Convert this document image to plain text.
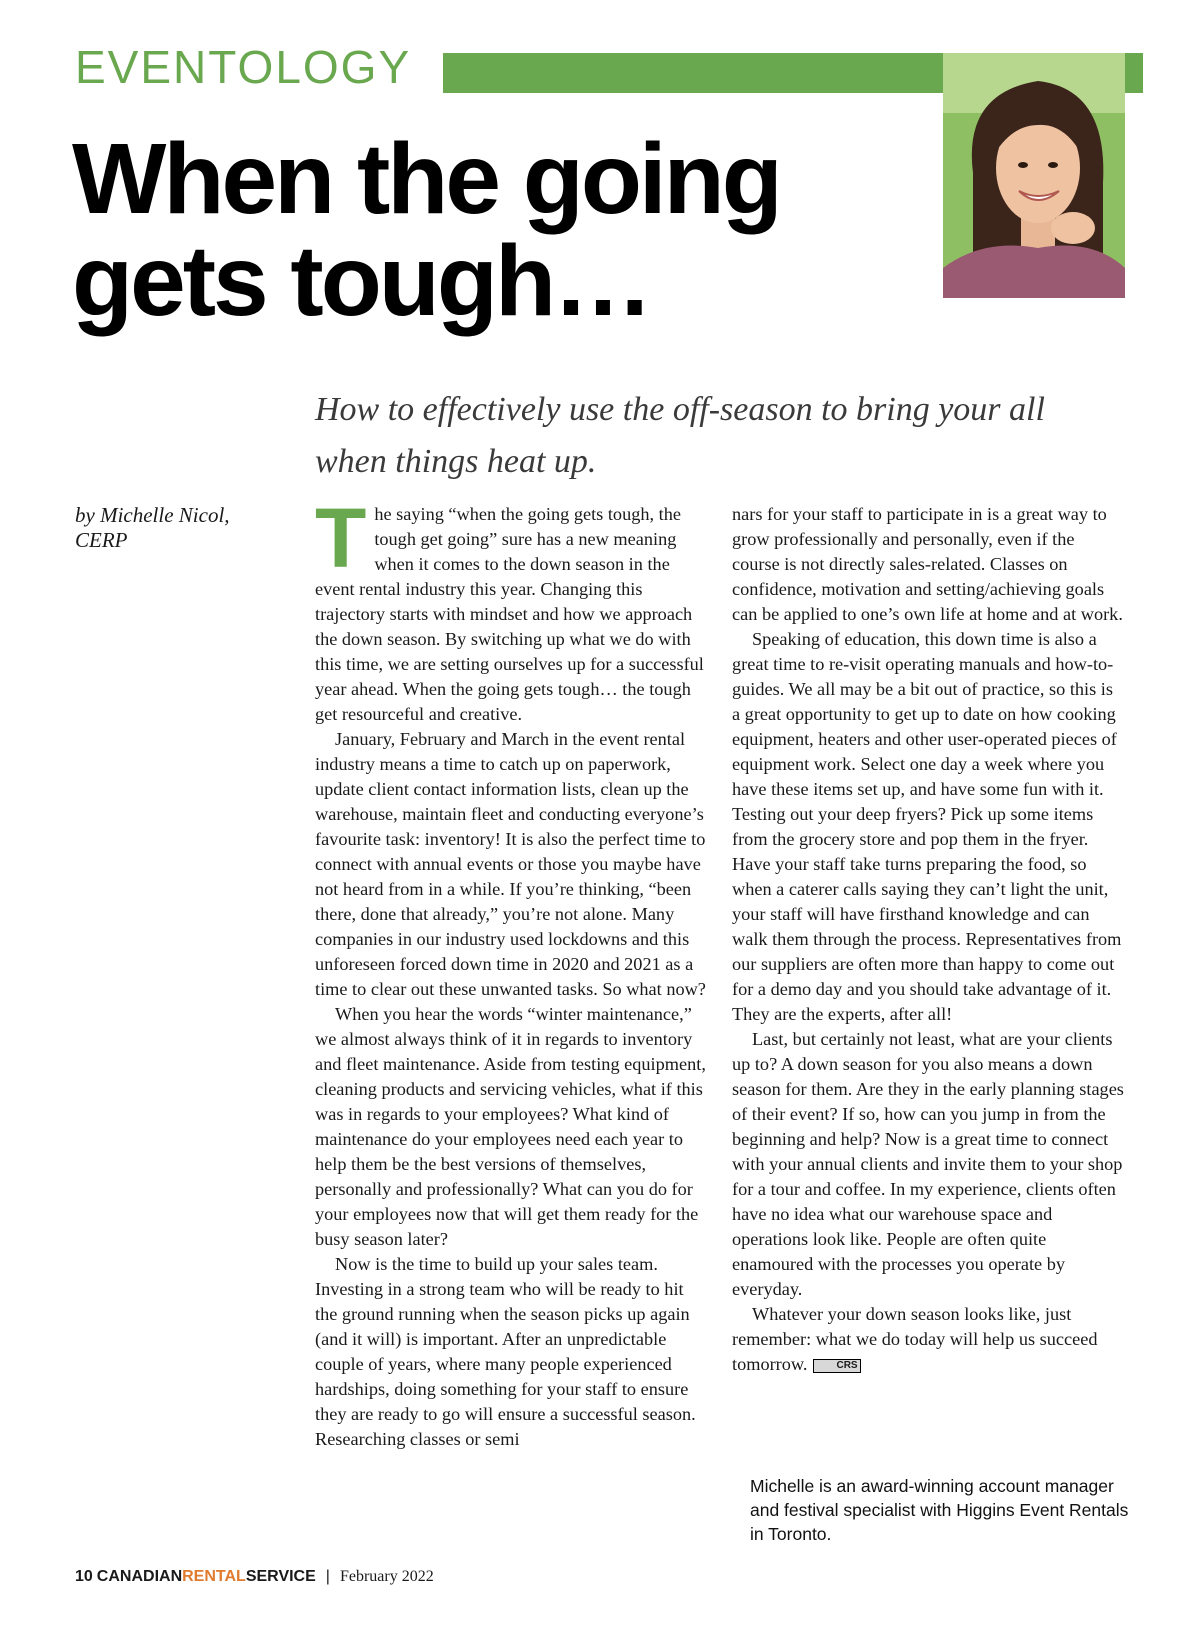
EVENTOLOGY
When the going
gets tough…
How to effectively use the off-season to bring your all when things heat up.
by Michelle Nicol,
CERP	The saying “when the going gets tough, the tough get going” sure has a new meaning when it comes to the down season in the event rental industry this year. Changing this trajectory starts with mindset and how we approach the down season. By switching up what we do with this time, we are setting ourselves up for a successful year ahead. When the going gets tough… the tough get resourceful and creative.

January, February and March in the event rental industry means a time to catch up on paperwork, update client contact information lists, clean up the warehouse, maintain fleet and conducting everyone’s favourite task: inventory! It is also the perfect time to connect with annual events or those you maybe have not heard from in a while. If you’re thinking, “been there, done that already,” you’re not alone. Many companies in our industry used lockdowns and this unforeseen forced down time in 2020 and 2021 as a time to clear out these unwanted tasks. So what now?

When you hear the words “winter maintenance,” we almost always think of it in regards to inventory and fleet maintenance. Aside from testing equipment, cleaning products and servicing vehicles, what if this was in regards to your employees? What kind of maintenance do your employees need each year to help them be the best versions of themselves, personally and professionally? What can you do for your employees now that will get them ready for the busy season later?

Now is the time to build up your sales team. Investing in a strong team who will be ready to hit the ground running when the season picks up again (and it will) is important. After an unpredictable couple of years, where many people experienced hardships, doing something for your staff to ensure they are ready to go will ensure a successful season. Researching classes or semi

nars for your staff to participate in is a great way to grow professionally and personally, even if the course is not directly sales-related. Classes on confidence, motivation and setting/achieving goals can be applied to one’s own life at home and at work.

Speaking of education, this down time is also a great time to re-visit operating manuals and how-to-guides. We all may be a bit out of practice, so this is a great opportunity to get up to date on how cooking equipment, heaters and other user-operated pieces of equipment work. Select one day a week where you have these items set up, and have some fun with it. Testing out your deep fryers? Pick up some items from the grocery store and pop them in the fryer. Have your staff take turns preparing the food, so when a caterer calls saying they can’t light the unit, your staff will have firsthand knowledge and can walk them through the process. Representatives from our suppliers are often more than happy to come out for a demo day and you should take advantage of it. They are the experts, after all!

Last, but certainly not least, what are your clients up to? A down season for you also means a down season for them. Are they in the early planning stages of their event? If so, how can you jump in from the beginning and help? Now is a great time to connect with your annual clients and invite them to your shop for a tour and coffee. In my experience, clients often have no idea what our warehouse space and operations look like. People are often quite enamoured with the processes you operate by everyday.

Whatever your down season looks like, just remember: what we do today will help us succeed tomorrow.	CRS

Michelle is an award-winning account manager and festival specialist with Higgins Event Rentals in Toronto.
10 CANADIANRENTALSERVICE | February 2022
